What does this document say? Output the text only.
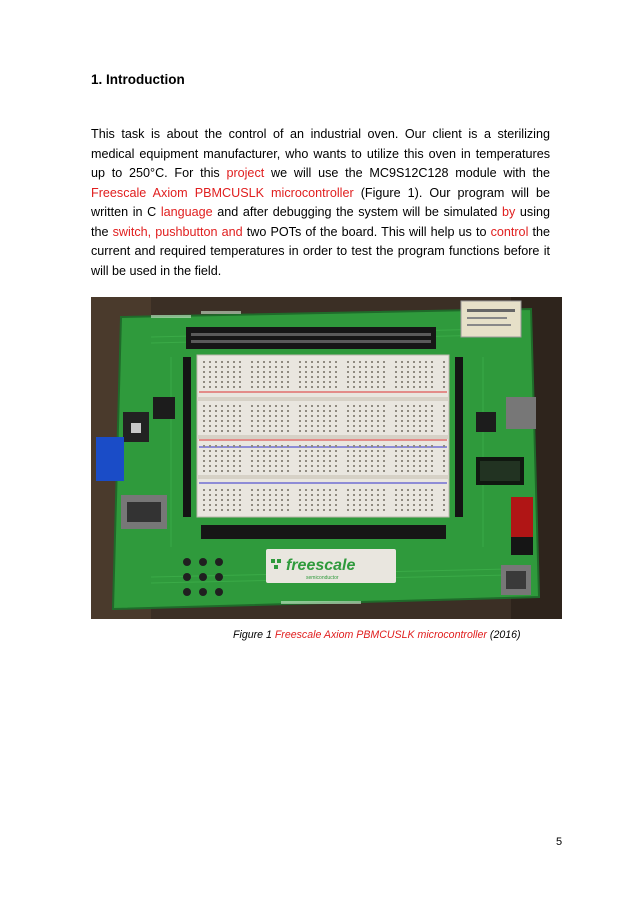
1. Introduction
This task is about the control of an industrial oven. Our client is a sterilizing
medical equipment manufacturer, who wants to utilize this oven in temperatures
up to 250°C. For this project we will use the MC9S12C128 module with the
Freescale Axiom PBMCUSLK microcontroller (Figure 1). Our program will be
written in C language and after debugging the system will be simulated by using
the switch, pushbutton and two POTs of the board. This will help us to control the
current and required temperatures in order to test the program functions before it
will be used in the field.
freescale
semiconductor
Figure 1 Freescale Axiom PBMCUSLK microcontroller (2016)
5
